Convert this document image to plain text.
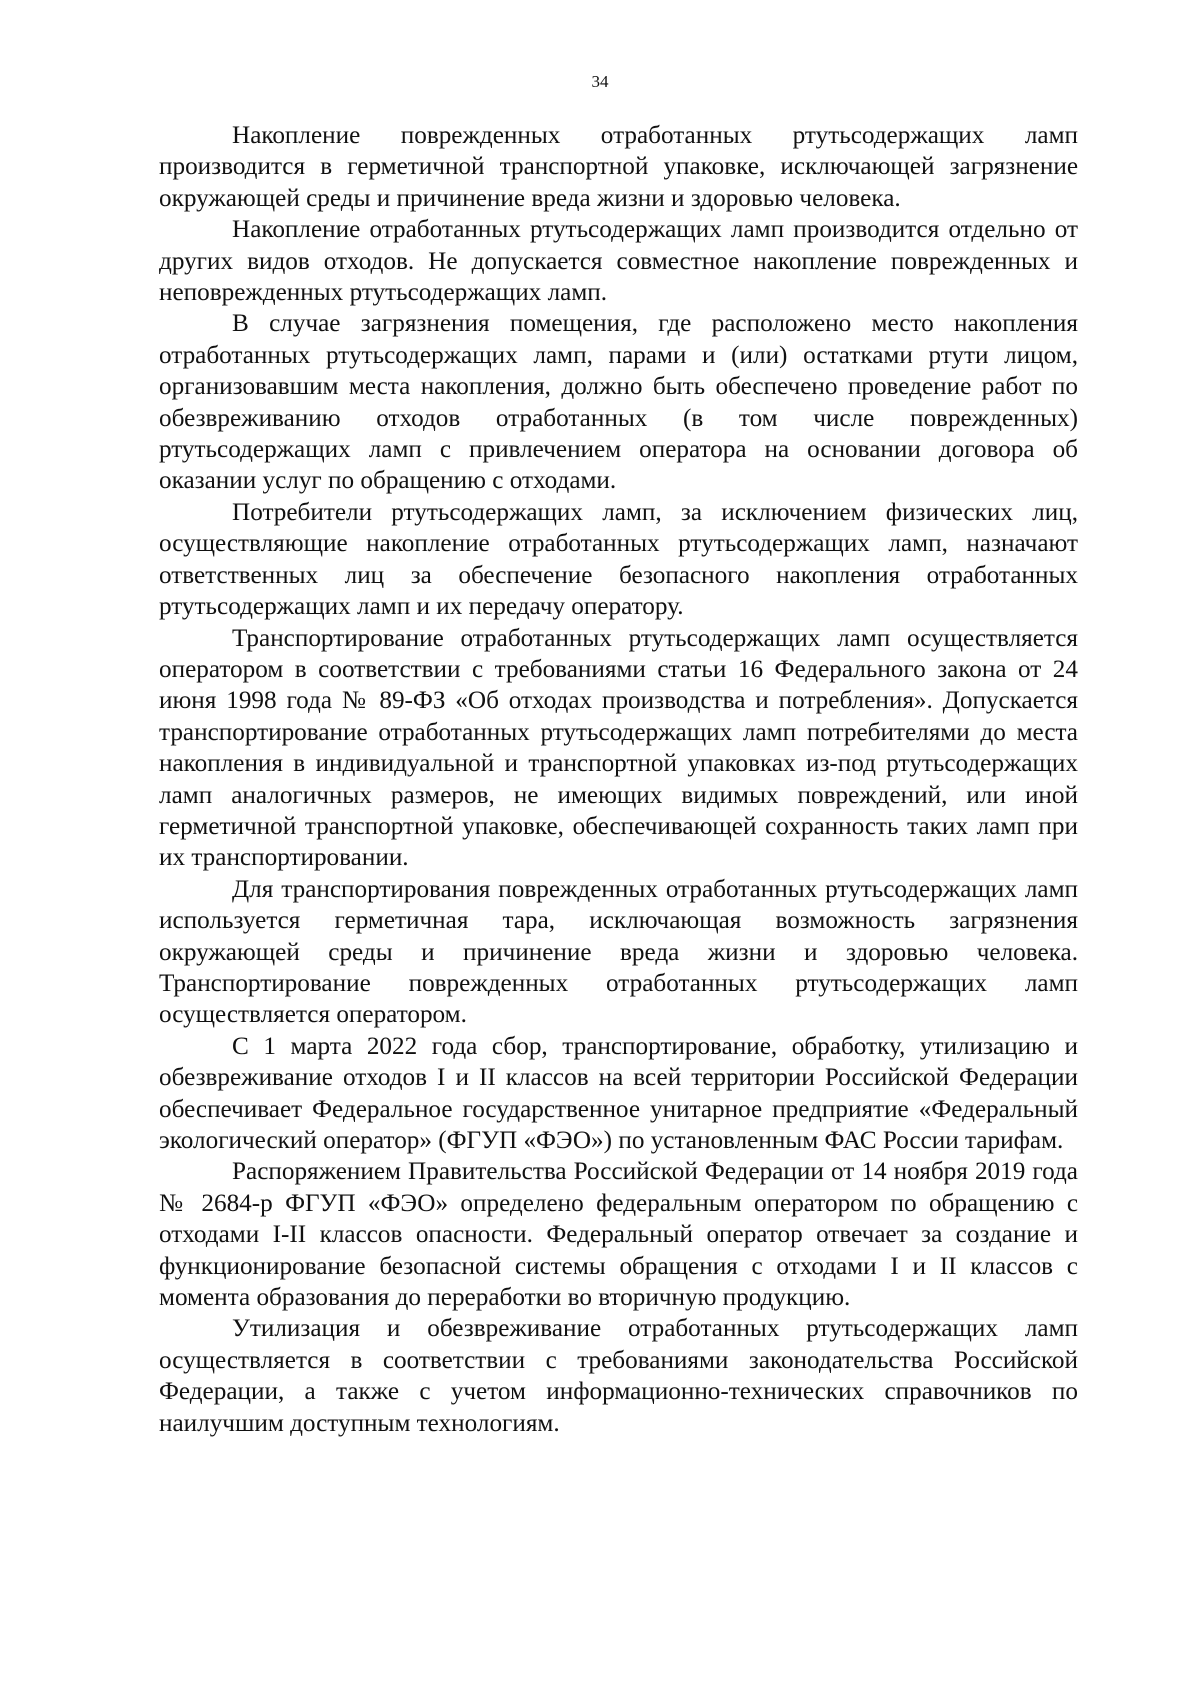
34

Накопление поврежденных отработанных ртутьсодержащих ламп производится в герметичной транспортной упаковке, исключающей загрязнение окружающей среды и причинение вреда жизни и здоровью человека.

Накопление отработанных ртутьсодержащих ламп производится отдельно от других видов отходов. Не допускается совместное накопление поврежденных и неповрежденных ртутьсодержащих ламп.

В случае загрязнения помещения, где расположено место накопления отработанных ртутьсодержащих ламп, парами и (или) остатками ртути лицом, организовавшим места накопления, должно быть обеспечено проведение работ по обезвреживанию отходов отработанных (в том числе поврежденных) ртутьсодержащих ламп с привлечением оператора на основании договора об оказании услуг по обращению с отходами.

Потребители ртутьсодержащих ламп, за исключением физических лиц, осуществляющие накопление отработанных ртутьсодержащих ламп, назначают ответственных лиц за обеспечение безопасного накопления отработанных ртутьсодержащих ламп и их передачу оператору.

Транспортирование отработанных ртутьсодержащих ламп осуществляется оператором в соответствии с требованиями статьи 16 Федерального закона от 24 июня 1998 года № 89-ФЗ «Об отходах производства и потребления». Допускается транспортирование отработанных ртутьсодержащих ламп потребителями до места накопления в индивидуальной и транспортной упаковках из-под ртутьсодержащих ламп аналогичных размеров, не имеющих видимых повреждений, или иной герметичной транспортной упаковке, обеспечивающей сохранность таких ламп при их транспортировании.

Для транспортирования поврежденных отработанных ртутьсодержащих ламп используется герметичная тара, исключающая возможность загрязнения окружающей среды и причинение вреда жизни и здоровью человека. Транспортирование поврежденных отработанных ртутьсодержащих ламп осуществляется оператором.

С 1 марта 2022 года сбор, транспортирование, обработку, утилизацию и обезвреживание отходов I и II классов на всей территории Российской Федерации обеспечивает Федеральное государственное унитарное предприятие «Федеральный экологический оператор» (ФГУП «ФЭО») по установленным ФАС России тарифам.

Распоряжением Правительства Российской Федерации от 14 ноября 2019 года № 2684-р ФГУП «ФЭО» определено федеральным оператором по обращению с отходами I-II классов опасности. Федеральный оператор отвечает за создание и функционирование безопасной системы обращения с отходами I и II классов с момента образования до переработки во вторичную продукцию.

Утилизация и обезвреживание отработанных ртутьсодержащих ламп осуществляется в соответствии с требованиями законодательства Российской Федерации, а также с учетом информационно-технических справочников по наилучшим доступным технологиям.
